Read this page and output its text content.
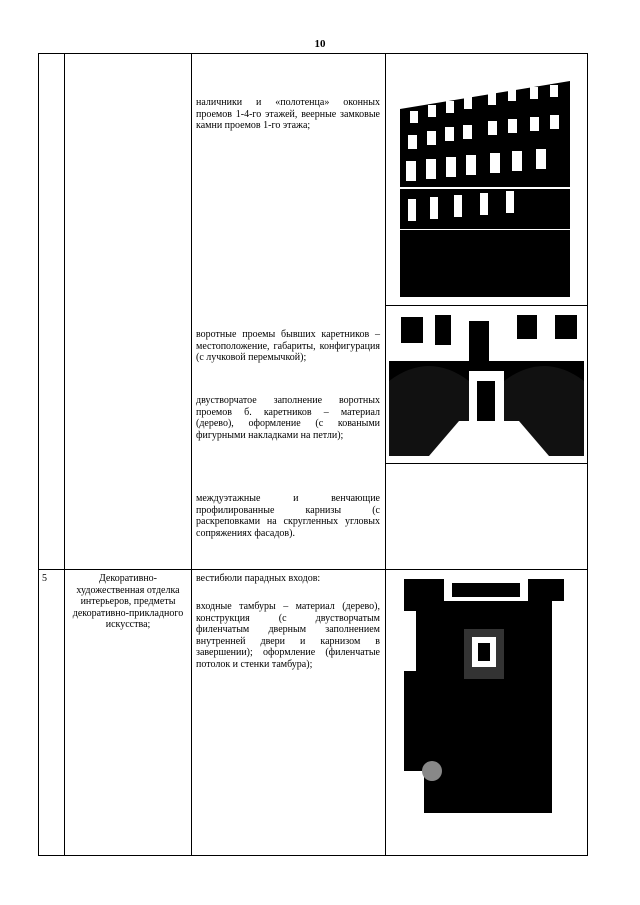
10
наличники и «полотенца» оконных проемов 1-4-го этажей, веерные замковые камни проемов 1-го этажа;
воротные проемы бывших каретников – местоположение, габариты, конфигурация (с лучковой перемычкой);
двустворчатое заполнение воротных проемов б. каретников – материал (дерево), оформление (с коваными фигурными накладками на петли);
междуэтажные и венчающие профилированные карнизы (с раскреповками на скругленных угловых сопряжениях фасадов).
5	Декоративно-художественная отделка интерьеров, предметы декоративно-прикладного искусства;
вестибюли парадных входов:
входные тамбуры – материал (дерево), конструкция (с двустворчатым филенчатым дверным заполнением внутренней двери и карнизом в завершении); оформление (филенчатые потолок и стенки тамбура);
